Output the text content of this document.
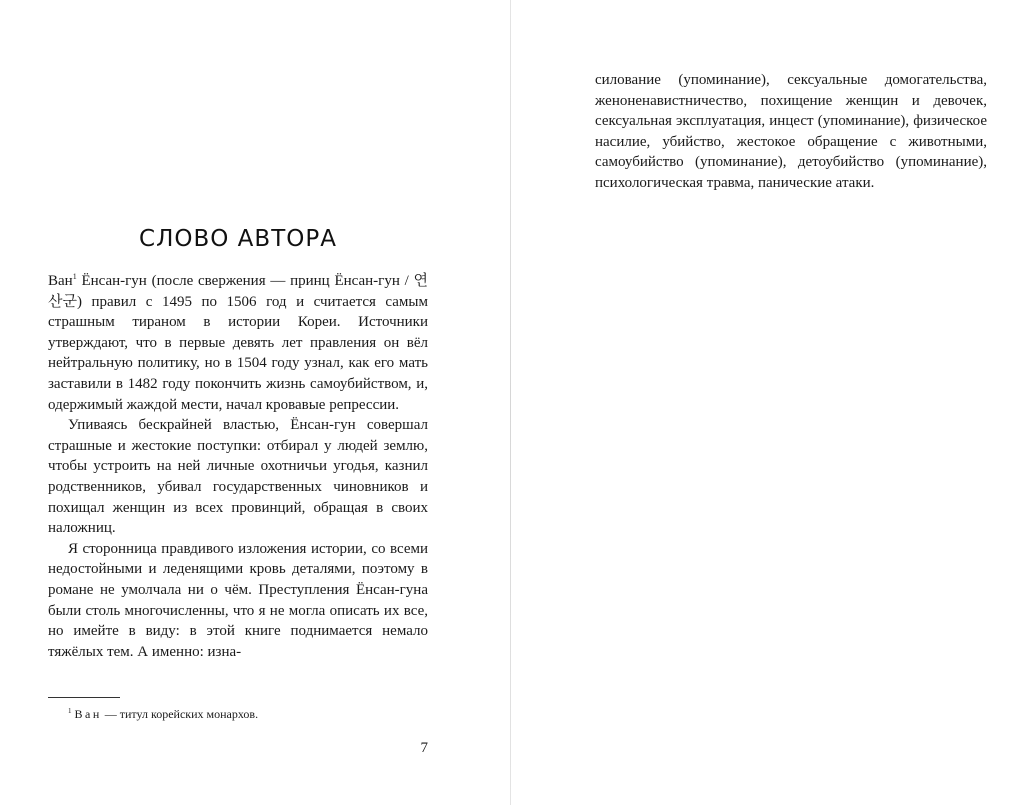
СЛОВО АВТОРА

Ван$^1$ Ёнсан-гун (после свержения — принц Ёнсан-гун / 연산군) правил с 1495 по 1506 год и считается самым страшным тираном в истории Кореи. Источники утверждают, что в первые девять лет правления он вёл нейтральную политику, но в 1504 году узнал, как его мать заставили в 1482 году покончить жизнь самоубийством, и, одержимый жаждой мести, начал кровавые репрессии.

Упиваясь бескрайней властью, Ёнсан-гун совершал страшные и жестокие поступки: отбирал у людей землю, чтобы устроить на ней личные охотничьи угодья, казнил родственников, убивал государственных чиновников и похищал женщин из всех провинций, обращая в своих наложниц.

Я сторонница правдивого изложения истории, со всеми недостойными и леденящими кровь деталями, поэтому в романе не умолчала ни о чём. Преступления Ёнсан-гуна были столь многочисленны, что я не могла описать их все, но имейте в виду: в этой книге поднимается немало тяжёлых тем. А именно: изна-

$^1$ Ван — титул корейских монархов.

7

силование (упоминание), сексуальные домогательства, женоненавистничество, похищение женщин и девочек, сексуальная эксплуатация, инцест (упоминание), физическое насилие, убийство, жестокое обращение с животными, самоубийство (упоминание), детоубийство (упоминание), психологическая травма, панические атаки.
